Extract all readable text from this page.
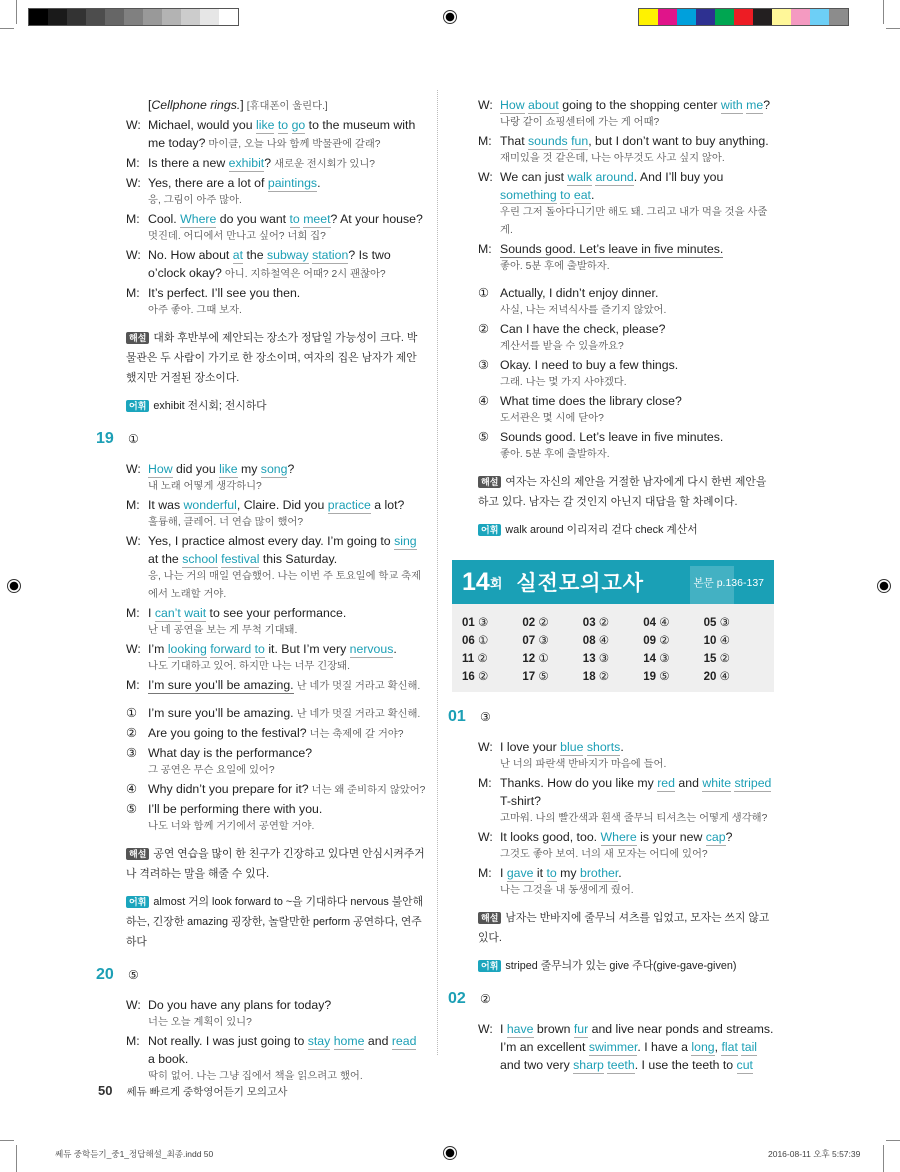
[Cellphone rings.] [휴대폰이 울린다.]
W: Michael, would you like to go to the museum with me today? 마이클, 오늘 나와 함께 박물관에 갈래?
M: Is there a new exhibit? 새로운 전시회가 있니?
W: Yes, there are a lot of paintings.
응, 그림이 아주 많아.
M: Cool. Where do you want to meet? At your house?
멋진데. 어디에서 만나고 싶어? 너희 집?
W: No. How about at the subway station? Is two o’clock okay? 아니. 지하철역은 어때? 2시 괜찮아?
M: It’s perfect. I’ll see you then.
아주 좋아. 그때 보자.
해설 대화 후반부에 제안되는 장소가 정답일 가능성이 크다. 박물관은 두 사람이 가기로 한 장소이며, 여자의 집은 남자가 제안했지만 거절된 장소이다.
어휘 exhibit 전시회; 전시하다
19	①
W: How did you like my song?
내 노래 어떻게 생각하니?
M: It was wonderful, Claire. Did you practice a lot?
훌륭해, 클레어. 너 연습 많이 했어?
W: Yes, I practice almost every day. I’m going to sing at the school festival this Saturday.
응, 나는 거의 매일 연습했어. 나는 이번 주 토요일에 학교 축제에서 노래할 거야.
M: I can’t wait to see your performance.
난 네 공연을 보는 게 무척 기대돼.
W: I’m looking forward to it. But I’m very nervous.
나도 기대하고 있어. 하지만 나는 너무 긴장돼.
M: I’m sure you’ll be amazing. 난 네가 멋질 거라고 확신해.
① I’m sure you’ll be amazing. 난 네가 멋질 거라고 확신해.
② Are you going to the festival? 너는 축제에 갈 거야?
③ What day is the performance?
그 공연은 무슨 요일에 있어?
④ Why didn’t you prepare for it? 너는 왜 준비하지 않았어?
⑤ I’ll be performing there with you.
나도 너와 함께 거기에서 공연할 거야.
해설 공연 연습을 많이 한 친구가 긴장하고 있다면 안심시켜주거나 격려하는 말을 해줄 수 있다.
어휘 almost 거의 look forward to ~을 기대하다 nervous 불안해 하는, 긴장한 amazing 굉장한, 놀랄만한 perform 공연하다, 연주하다
20	⑤
W: Do you have any plans for today?
너는 오늘 계획이 있니?
M: Not really. I was just going to stay home and read a book.
딱히 없어. 나는 그냥 집에서 책을 읽으려고 했어.
W: How about going to the shopping center with me?
나랑 같이 쇼핑센터에 가는 게 어때?
M: That sounds fun, but I don’t want to buy anything.
재미있을 것 같은데, 나는 아무것도 사고 싶지 않아.
W: We can just walk around. And I’ll buy you something to eat.
우린 그저 돌아다니기만 해도 돼. 그리고 내가 먹을 것을 사줄게.
M: Sounds good. Let’s leave in five minutes.
좋아. 5분 후에 출발하자.
① Actually, I didn’t enjoy dinner.
사실, 나는 저녁식사를 즐기지 않았어.
② Can I have the check, please?
계산서를 받을 수 있을까요?
③ Okay. I need to buy a few things.
그래. 나는 몇 가지 사야겠다.
④ What time does the library close?
도서관은 몇 시에 닫아?
⑤ Sounds good. Let’s leave in five minutes.
좋아. 5분 후에 출발하자.
해설 여자는 자신의 제안을 거절한 남자에게 다시 한번 제안을 하고 있다. 남자는 갈 것인지 아닌지 대답을 할 차례이다.
어휘 walk around 이리저리 걷다 check 계산서
14 회 실전모의고사	본문 p.136-137
01 ③	02 ②	03 ②	04 ④	05 ③
06 ①	07 ③	08 ④	09 ②	10 ④
11 ②	12 ①	13 ③	14 ③	15 ②
16 ②	17 ⑤	18 ②	19 ⑤	20 ④
01	③
W: I love your blue shorts.
난 너의 파란색 반바지가 마음에 들어.
M: Thanks. How do you like my red and white striped T-shirt?
고마워. 나의 빨간색과 흰색 줄무늬 티셔츠는 어떻게 생각해?
W: It looks good, too. Where is your new cap?
그것도 좋아 보여. 너의 새 모자는 어디에 있어?
M: I gave it to my brother.
나는 그것을 내 동생에게 줬어.
해설 남자는 반바지에 줄무늬 셔츠를 입었고, 모자는 쓰지 않고 있다.
어휘 striped 줄무늬가 있는 give 주다(give-gave-given)
02	②
W: I have brown fur and live near ponds and streams. I’m an excellent swimmer. I have a long, flat tail and two very sharp teeth. I use the teeth to cut
50 쎄듀 빠르게 중학영어듣기 모의고사
쎄듀 중학듣기_중1_정답해설_최종.indd 50	2016-08-11 오후 5:57:39
